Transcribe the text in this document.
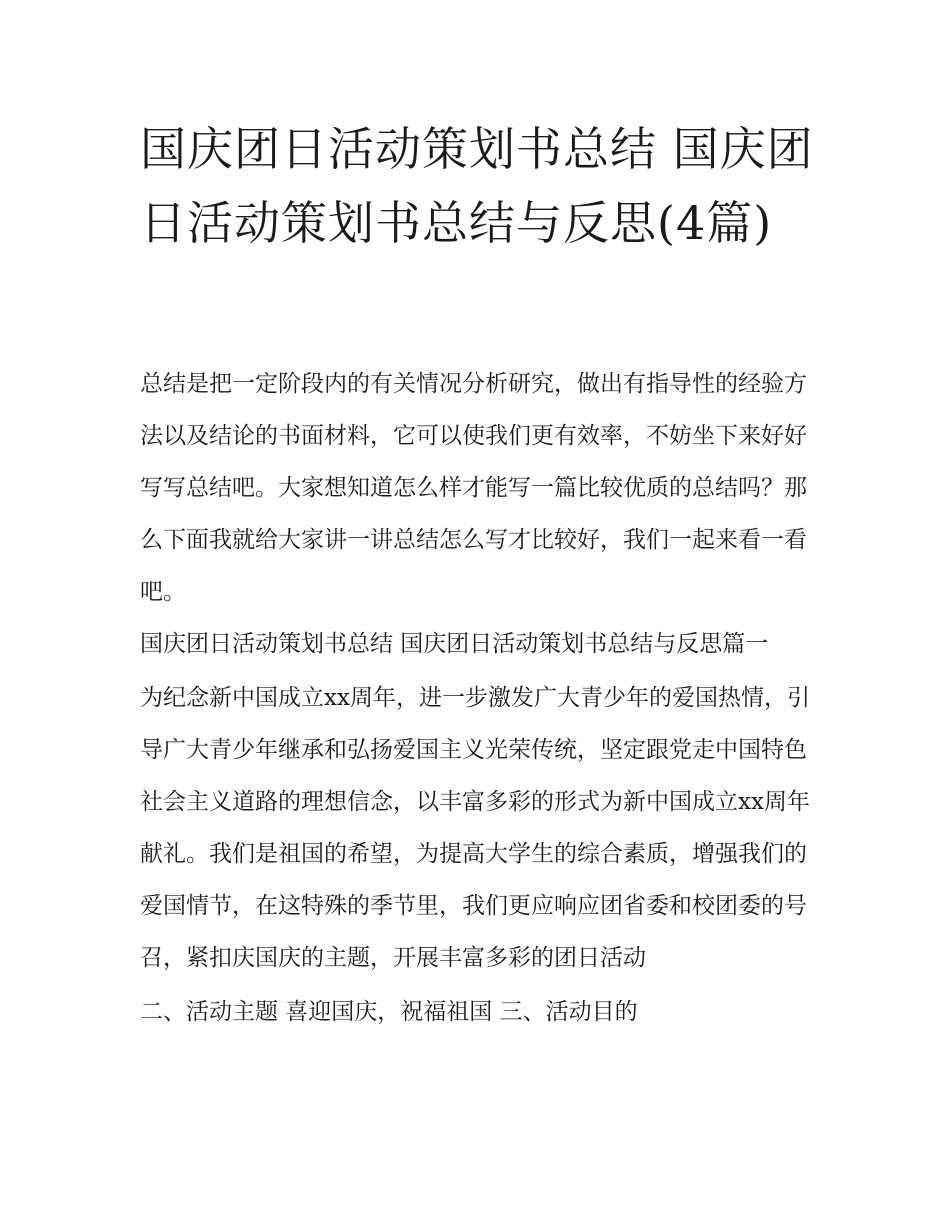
国庆团日活动策划书总结 国庆团日活动策划书总结与反思(4篇)

总结是把一定阶段内的有关情况分析研究，做出有指导性的经验方法以及结论的书面材料，它可以使我们更有效率，不妨坐下来好好写写总结吧。大家想知道怎么样才能写一篇比较优质的总结吗？那么下面我就给大家讲一讲总结怎么写才比较好，我们一起来看一看吧。

国庆团日活动策划书总结 国庆团日活动策划书总结与反思篇一

为纪念新中国成立xx周年，进一步激发广大青少年的爱国热情，引导广大青少年继承和弘扬爱国主义光荣传统，坚定跟党走中国特色社会主义道路的理想信念，以丰富多彩的形式为新中国成立xx周年献礼。我们是祖国的希望，为提高大学生的综合素质，增强我们的爱国情节，在这特殊的季节里，我们更应响应团省委和校团委的号召，紧扣庆国庆的主题，开展丰富多彩的团日活动

二、活动主题 喜迎国庆，祝福祖国 三、活动目的
